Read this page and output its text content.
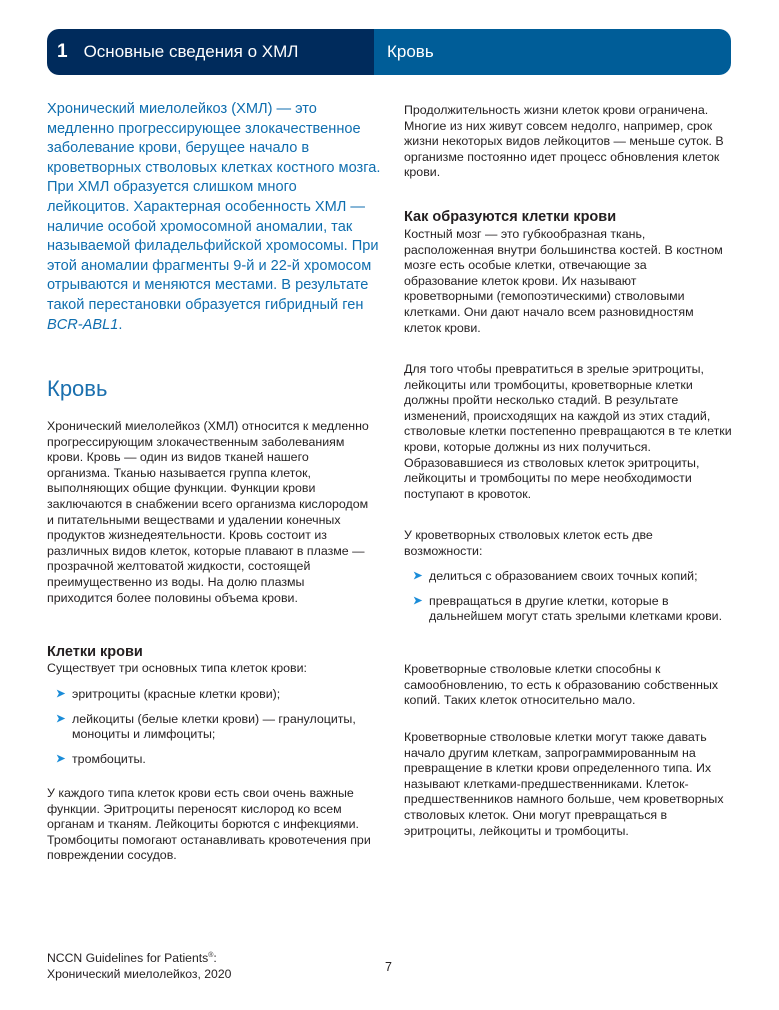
1 Основные сведения о ХМЛ	Кровь

Хронический миелолейкоз (ХМЛ) — это медленно прогрессирующее злокачественное заболевание крови, берущее начало в кроветворных стволовых клетках костного мозга. При ХМЛ образуется слишком много лейкоцитов. Характерная особенность ХМЛ — наличие особой хромосомной аномалии, так называемой филадельфийской хромосомы. При этой аномалии фрагменты 9-й и 22-й хромосом отрываются и меняются местами. В результате такой перестановки образуется гибридный ген BCR-ABL1.

Кровь

Хронический миелолейкоз (ХМЛ) относится к медленно прогрессирующим злокачественным заболеваниям крови. Кровь — один из видов тканей нашего организма. Тканью называется группа клеток, выполняющих общие функции. Функции крови заключаются в снабжении всего организма кислородом и питательными веществами и удалении конечных продуктов жизнедеятельности. Кровь состоит из различных видов клеток, которые плавают в плазме — прозрачной желтоватой жидкости, состоящей преимущественно из воды. На долю плазмы приходится более половины объема крови.

Клетки крови

Существует три основных типа клеток крови:

➤ эритроциты (красные клетки крови);
➤ лейкоциты (белые клетки крови) — гранулоциты, моноциты и лимфоциты;
➤ тромбоциты.

У каждого типа клеток крови есть свои очень важные функции. Эритроциты переносят кислород ко всем органам и тканям. Лейкоциты борются с инфекциями. Тромбоциты помогают останавливать кровотечения при повреждении сосудов.

Продолжительность жизни клеток крови ограничена. Многие из них живут совсем недолго, например, срок жизни некоторых видов лейкоцитов — меньше суток. В организме постоянно идет процесс обновления клеток крови.

Как образуются клетки крови

Костный мозг — это губкообразная ткань, расположенная внутри большинства костей. В костном мозге есть особые клетки, отвечающие за образование клеток крови. Их называют кроветворными (гемопоэтическими) стволовыми клетками. Они дают начало всем разновидностям клеток крови.

Для того чтобы превратиться в зрелые эритроциты, лейкоциты или тромбоциты, кроветворные клетки должны пройти несколько стадий. В результате изменений, происходящих на каждой из этих стадий, стволовые клетки постепенно превращаются в те клетки крови, которые должны из них получиться. Образовавшиеся из стволовых клеток эритроциты, лейкоциты и тромбоциты по мере необходимости поступают в кровоток.

У кроветворных стволовых клеток есть две возможности:

➤ делиться с образованием своих точных копий;
➤ превращаться в другие клетки, которые в дальнейшем могут стать зрелыми клетками крови.

Кроветворные стволовые клетки способны к самообновлению, то есть к образованию собственных копий. Таких клеток относительно мало.

Кроветворные стволовые клетки могут также давать начало другим клеткам, запрограммированным на превращение в клетки крови определенного типа. Их называют клетками-предшественниками. Клеток-предшественников намного больше, чем кроветворных стволовых клеток. Они могут превращаться в эритроциты, лейкоциты и тромбоциты.

NCCN Guidelines for Patients®:
Хронический миелолейкоз, 2020	7
